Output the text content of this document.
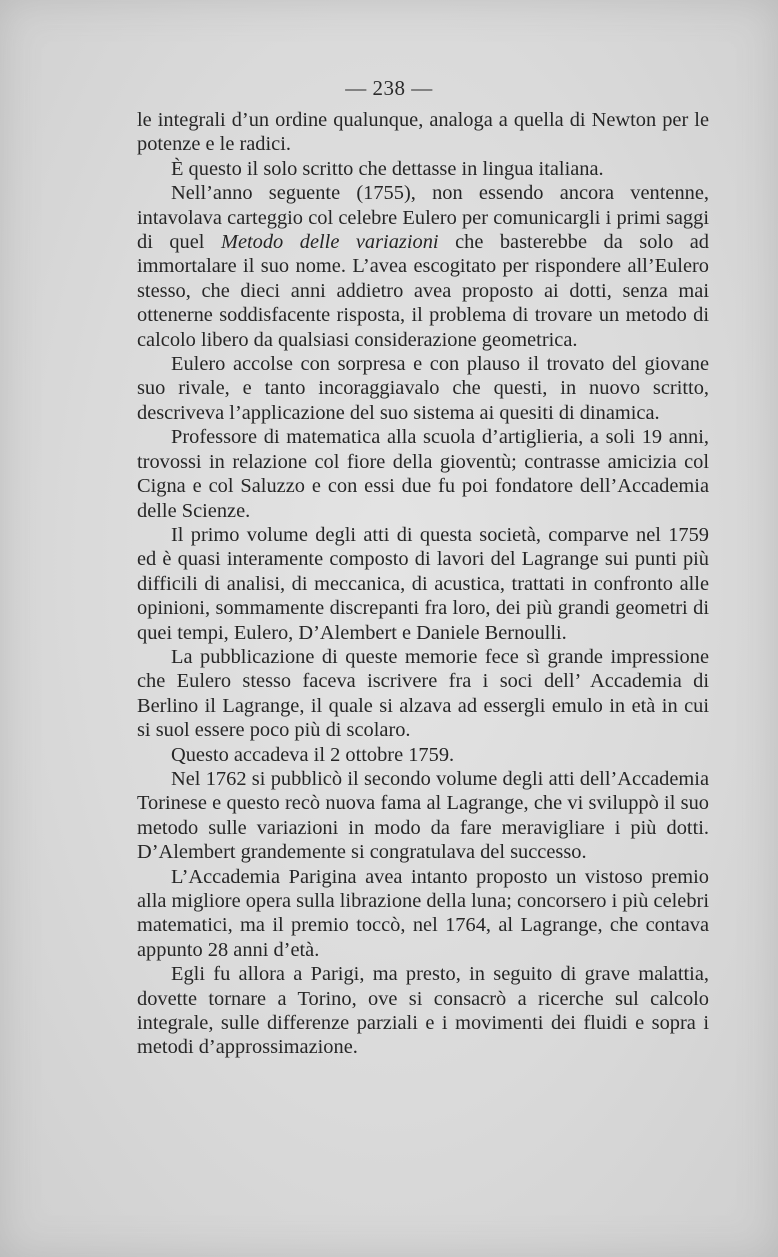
— 238 —

le integrali d’un ordine qualunque, analoga a quella di Newton per le potenze e le radici.

È questo il solo scritto che dettasse in lingua italiana.

Nell’anno seguente (1755), non essendo ancora ventenne, intavolava carteggio col celebre Eulero per comunicargli i primi saggi di quel Metodo delle variazioni che basterebbe da solo ad immortalare il suo nome. L’avea escogitato per rispondere all’Eulero stesso, che dieci anni addietro avea proposto ai dotti, senza mai ottenerne soddisfacente risposta, il problema di trovare un metodo di calcolo libero da qualsiasi considerazione geometrica.

Eulero accolse con sorpresa e con plauso il trovato del giovane suo rivale, e tanto incoraggiavalo che questi, in nuovo scritto, descriveva l’applicazione del suo sistema ai quesiti di dinamica.

Professore di matematica alla scuola d’artiglieria, a soli 19 anni, trovossi in relazione col fiore della gioventù; contrasse amicizia col Cigna e col Saluzzo e con essi due fu poi fondatore dell’Accademia delle Scienze.

Il primo volume degli atti di questa società, comparve nel 1759 ed è quasi interamente composto di lavori del Lagrange sui punti più difficili di analisi, di meccanica, di acustica, trattati in confronto alle opinioni, sommamente discrepanti fra loro, dei più grandi geometri di quei tempi, Eulero, D’Alembert e Daniele Bernoulli.

La pubblicazione di queste memorie fece sì grande impressione che Eulero stesso faceva iscrivere fra i soci dell’ Accademia di Berlino il Lagrange, il quale si alzava ad essergli emulo in età in cui si suol essere poco più di scolaro.

Questo accadeva il 2 ottobre 1759.

Nel 1762 si pubblicò il secondo volume degli atti dell’Accademia Torinese e questo recò nuova fama al Lagrange, che vi sviluppò il suo metodo sulle variazioni in modo da fare meravigliare i più dotti. D’Alembert grandemente si congratulava del successo.

L’Accademia Parigina avea intanto proposto un vistoso premio alla migliore opera sulla librazione della luna; concorsero i più celebri matematici, ma il premio toccò, nel 1764, al Lagrange, che contava appunto 28 anni d’età.

Egli fu allora a Parigi, ma presto, in seguito di grave malattia, dovette tornare a Torino, ove si consacrò a ricerche sul calcolo integrale, sulle differenze parziali e i movimenti dei fluidi e sopra i metodi d’approssimazione.
